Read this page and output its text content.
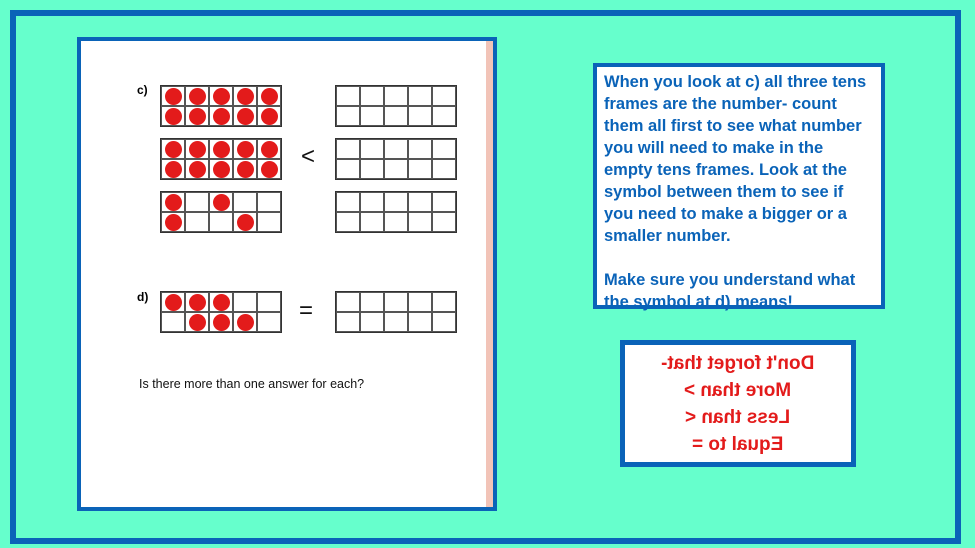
c)
<
d)	=
Is there more than one answer for each?

When you look at c) all three tens frames are the number- count them all first to see what number you will need to make in the empty tens frames. Look at the symbol between them to see if you need to make a bigger or a smaller number.

Make sure you understand what the symbol at d) means!

Don't forget that-
More than >
Less than <
Equal to =
